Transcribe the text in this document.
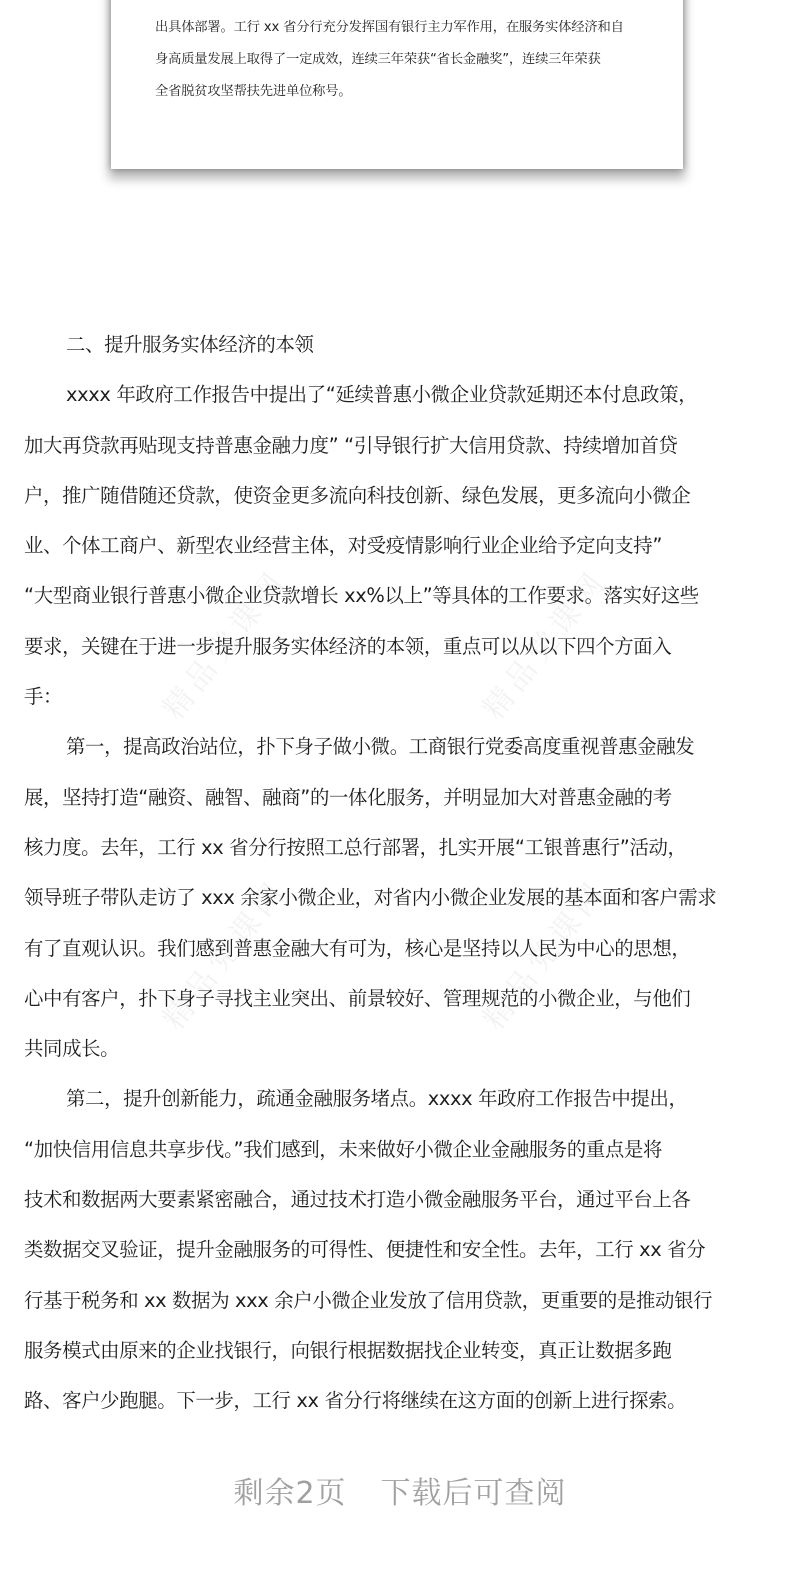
精品党课网	精品党课网
精品党课网	精品党课网
出具体部署。工行 xx 省分行充分发挥国有银行主力军作用，在服务实体经济和自
身高质量发展上取得了一定成效，连续三年荣获“省长金融奖”，连续三年荣获
全省脱贫攻坚帮扶先进单位称号。
二、提升服务实体经济的本领
xxxx 年政府工作报告中提出了“延续普惠小微企业贷款延期还本付息政策，
加大再贷款再贴现支持普惠金融力度” “引导银行扩大信用贷款、持续增加首贷
户，推广随借随还贷款，使资金更多流向科技创新、绿色发展，更多流向小微企
业、个体工商户、新型农业经营主体，对受疫情影响行业企业给予定向支持”
“大型商业银行普惠小微企业贷款增长 xx%以上”等具体的工作要求。落实好这些
要求，关键在于进一步提升服务实体经济的本领，重点可以从以下四个方面入
手：
第一，提高政治站位，扑下身子做小微。工商银行党委高度重视普惠金融发
展，坚持打造“融资、融智、融商”的一体化服务，并明显加大对普惠金融的考
核力度。去年，工行 xx 省分行按照工总行部署，扎实开展“工银普惠行”活动，
领导班子带队走访了 xxx 余家小微企业，对省内小微企业发展的基本面和客户需求
有了直观认识。我们感到普惠金融大有可为，核心是坚持以人民为中心的思想，
心中有客户，扑下身子寻找主业突出、前景较好、管理规范的小微企业，与他们
共同成长。
第二，提升创新能力，疏通金融服务堵点。xxxx 年政府工作报告中提出，
“加快信用信息共享步伐。”我们感到，未来做好小微企业金融服务的重点是将
技术和数据两大要素紧密融合，通过技术打造小微金融服务平台，通过平台上各
类数据交叉验证，提升金融服务的可得性、便捷性和安全性。去年，工行 xx 省分
行基于税务和 xx 数据为 xxx 余户小微企业发放了信用贷款，更重要的是推动银行
服务模式由原来的企业找银行，向银行根据数据找企业转变，真正让数据多跑
路、客户少跑腿。下一步，工行 xx 省分行将继续在这方面的创新上进行探索。
剩余2页 下载后可查阅
